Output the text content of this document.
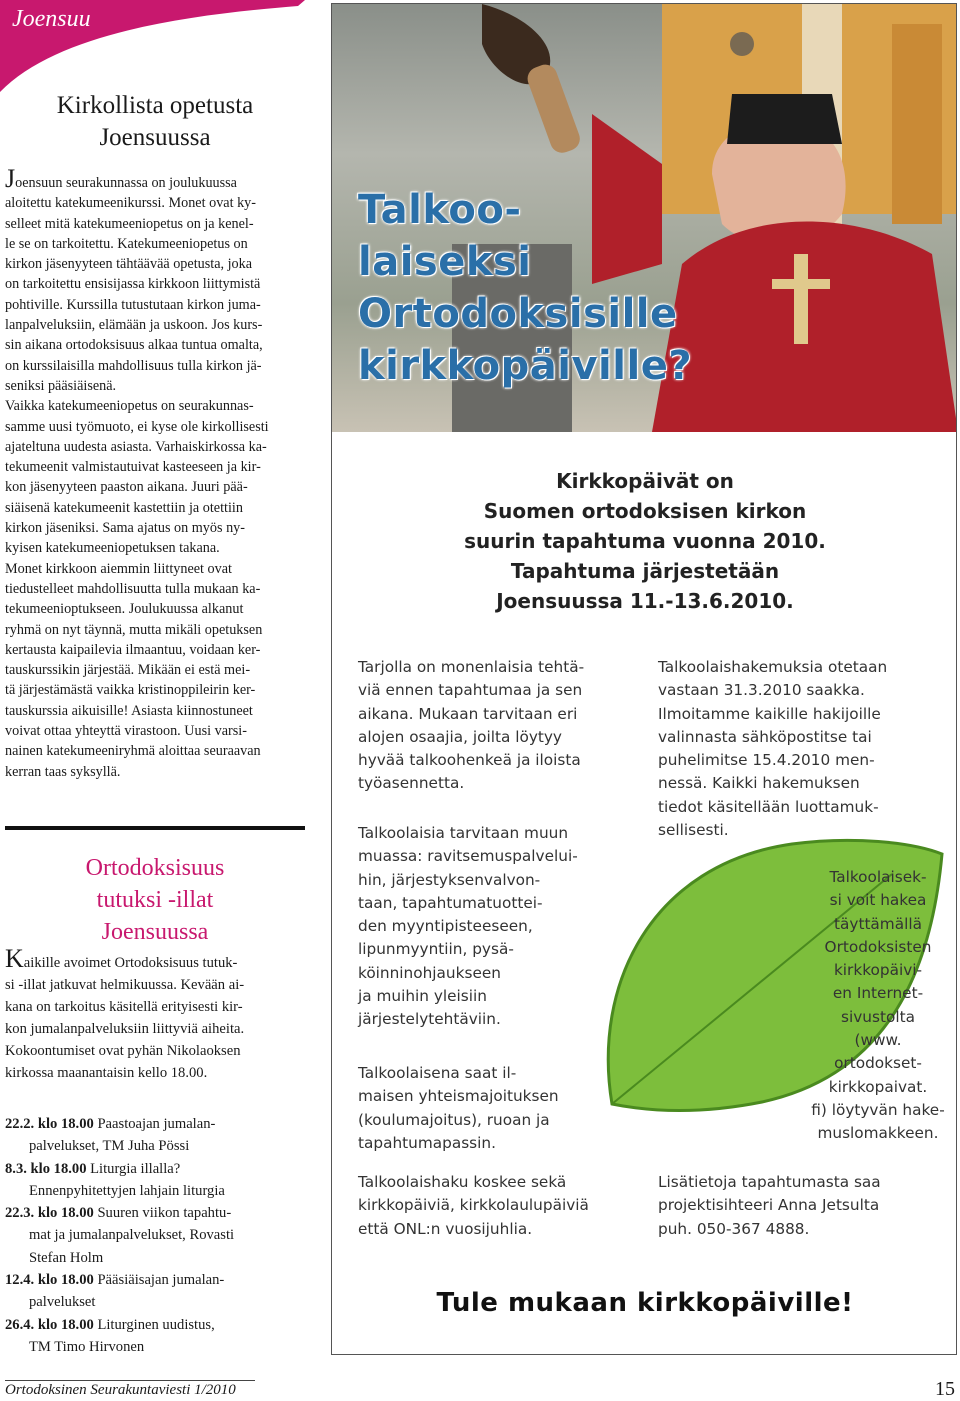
Joensuu
Kirkollista opetusta
Joensuussa
Joensuun seurakunnassa on joulukuussa
aloitettu katekumeenikurssi. Monet ovat ky-
selleet mitä katekumeeniopetus on ja kenel-
le se on tarkoitettu. Katekumeeniopetus on
kirkon jäsenyyteen tähtäävää opetusta, joka
on tarkoitettu ensisijassa kirkkoon liittymistä
pohtiville. Kurssilla tutustutaan kirkon juma-
lanpalveluksiin, elämään ja uskoon. Jos kurs-
sin aikana ortodoksisuus alkaa tuntua omalta,
on kurssilaisilla mahdollisuus tulla kirkon jä-
seniksi pääsiäisenä.
Vaikka katekumeeniopetus on seurakunnas-
samme uusi työmuoto, ei kyse ole kirkollisesti
ajateltuna uudesta asiasta. Varhaiskirkossa ka-
tekumeenit valmistautuivat kasteeseen ja kir-
kon jäsenyyteen paaston aikana. Juuri pää-
siäisenä katekumeenit kastettiin ja otettiin
kirkon jäseniksi. Sama ajatus on myös ny-
kyisen katekumeeniopetuksen takana.
Monet kirkkoon aiemmin liittyneet ovat
tiedustelleet mahdollisuutta tulla mukaan ka-
tekumeenioptukseen. Joulukuussa alkanut
ryhmä on nyt täynnä, mutta mikäli opetuksen
kertausta kaipailevia ilmaantuu, voidaan ker-
tauskurssikin järjestää. Mikään ei estä mei-
tä järjestämästä vaikka kristinoppileirin ker-
tauskurssia aikuisille! Asiasta kiinnostuneet
voivat ottaa yhteyttä virastoon. Uusi varsi-
nainen katekumeeniryhmä aloittaa seuraavan
kerran taas syksyllä.
Ortodoksisuus
tutuksi -illat
Joensuussa
Kaikille avoimet Ortodoksisuus tutuk-
si -illat jatkuvat helmikuussa. Kevään ai-
kana on tarkoitus käsitellä erityisesti kir-
kon jumalanpalveluksiin liittyviä aiheita.
Kokoontumiset ovat pyhän Nikolaoksen
kirkossa maanantaisin kello 18.00.
22.2. klo 18.00 Paastoajan jumalan-
palvelukset, TM Juha Pössi
8.3. klo 18.00 Liturgia illalla?
Ennenpyhitettyjen lahjain liturgia
22.3. klo 18.00 Suuren viikon tapahtu-
mat ja jumalanpalvelukset, Rovasti
Stefan Holm
12.4. klo 18.00 Pääsiäisajan jumalan-
palvelukset
26.4. klo 18.00 Liturginen uudistus,
TM Timo Hirvonen
Ortodoksinen Seurakuntaviesti 1/2010	15
Talkoo-
laiseksi
Ortodoksisille
kirkkopäiville?
Kirkkopäivät on
Suomen ortodoksisen kirkon
suurin tapahtuma vuonna 2010.
Tapahtuma järjestetään
Joensuussa 11.-13.6.2010.
Tarjolla on monenlaisia tehtä-
viä ennen tapahtumaa ja sen
aikana. Mukaan tarvitaan eri
alojen osaajia, joilta löytyy
hyvää talkoohenkeä ja iloista
työasennetta.
Talkoolaishakemuksia otetaan
vastaan 31.3.2010 saakka.
Ilmoitamme kaikille hakijoille
valinnasta sähköpostitse tai
puhelimitse 15.4.2010 men-
nessä. Kaikki hakemuksen
tiedot käsitellään luottamuk-
sellisesti.
Talkoolaisia tarvitaan muun
muassa: ravitsemuspalvelui-
hin, järjestyksenvalvon-
taan, tapahtumatuottei-
den myyntipisteeseen,
lipunmyyntiin, pysä-
köinninohjaukseen
ja muihin yleisiin
järjestelytehtäviin.
Talkoolaisek-
si voit hakea
täyttämällä
Ortodoksisten
kirkkopäivi-
en Internet-
sivustolta
(www.
ortodokset-
kirkkopaivat.
fi) löytyvän hake-
muslomakkeen.
Talkoolaisena saat il-
maisen yhteismajoituksen
(koulumajoitus), ruoan ja
tapahtumapassin.
Talkoolaishaku koskee sekä
kirkkopäiviä, kirkkolaulupäiviä
että ONL:n vuosijuhlia.
Lisätietoja tapahtumasta saa
projektisihteeri Anna Jetsulta
puh. 050-367 4888.
Tule mukaan kirkkopäiville!
